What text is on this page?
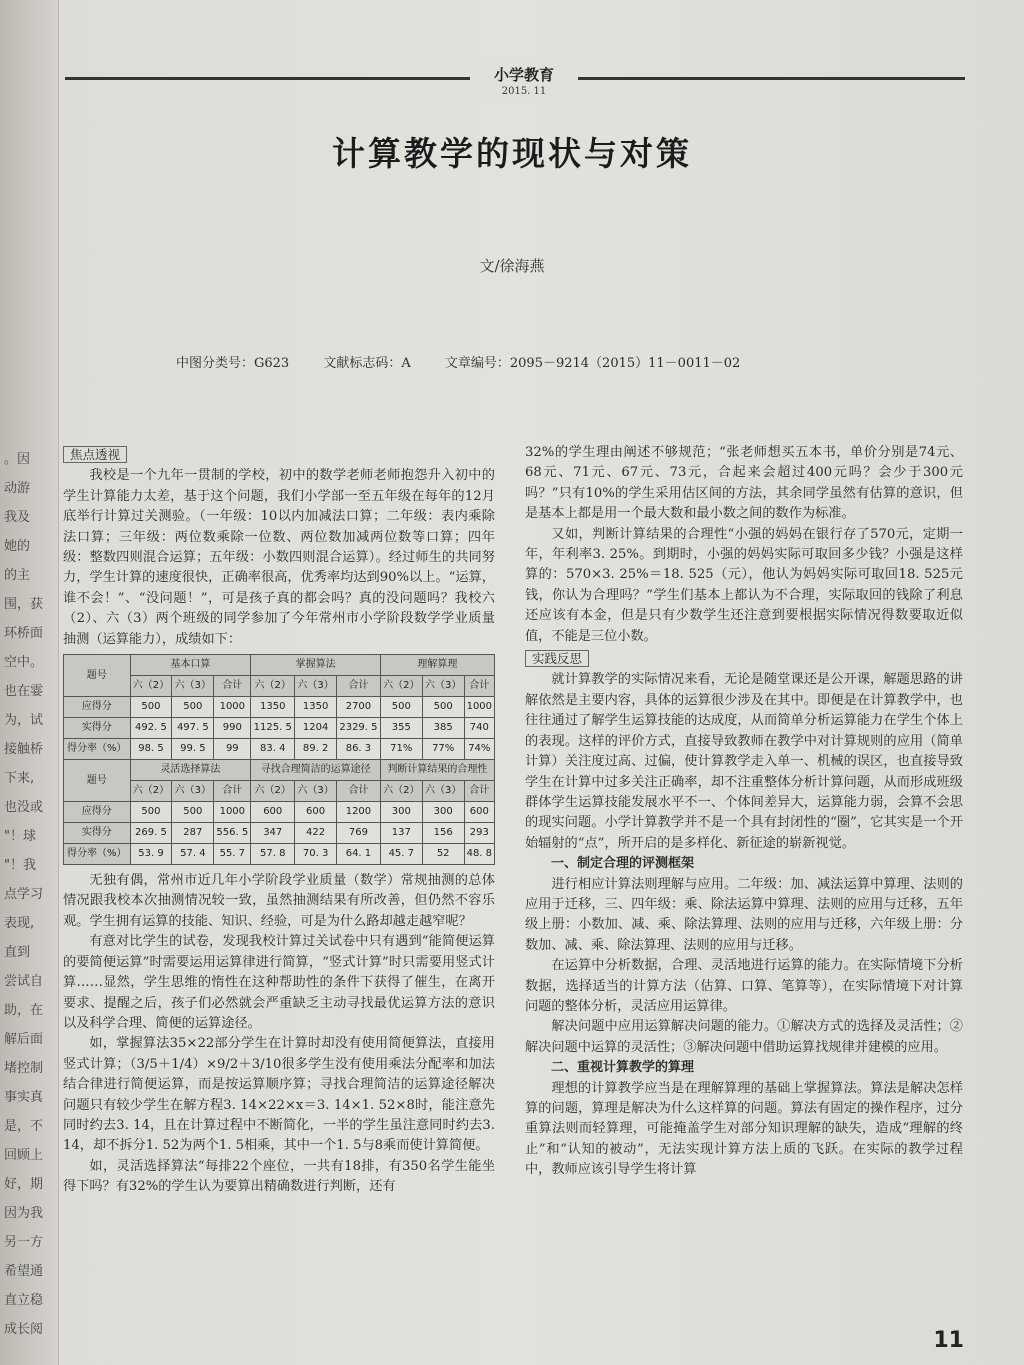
。因
动游
我及
她的
的主
围，获
环桥面
空中。
也在霎
为，试
接触桥
下来,
也没或
"！球
"！我
点学习
表现,
直到
尝试自
助，在
解后面
堵控制
事实真
是，不
回顾上
好，期
因为我
另一方
希望通
直立稳
成长阅
小学教育
2015. 11
计算教学的现状与对策
文/徐海燕
中图分类号：G623	文献标志码：A	文章编号：2095－9214（2015）11－0011－02
焦点透视

我校是一个九年一贯制的学校，初中的数学老师老师抱怨升入初中的学生计算能力太差，基于这个问题，我们小学部一至五年级在每年的12月底举行计算过关测验。（一年级：10以内加减法口算；二年级：表内乘除法口算；三年级：两位数乘除一位数、两位数加减两位数等口算；四年级：整数四则混合运算；五年级：小数四则混合运算）。经过师生的共同努力，学生计算的速度很快，正确率很高，优秀率均达到90%以上。“运算，谁不会！”、“没问题！”，可是孩子真的都会吗？真的没问题吗？我校六（2）、六（3）两个班级的同学参加了今年常州市小学阶段数学学业质量抽测（运算能力），成绩如下：

题号	基本口算			掌握算法			理解算理		
	六（2）	六（3）	合计	六（2）	六（3）	合计	六（2）	六（3）	合计
应得分	500	500	1000	1350	1350	2700	500	500	1000
实得分	492. 5	497. 5	990	1125. 5	1204	2329. 5	355	385	740
得分率（%）	98. 5	99. 5	99	83. 4	89. 2	86. 3	71%	77%	74%
题号	灵活选择算法			寻找合理简洁的运算途径			判断计算结果的合理性		
	六（2）	六（3）	合计	六（2）	六（3）	合计	六（2）	六（3）	合计
应得分	500	500	1000	600	600	1200	300	300	600
实得分	269. 5	287	556. 5	347	422	769	137	156	293
得分率（%）	53. 9	57. 4	55. 7	57. 8	70. 3	64. 1	45. 7	52	48. 8

无独有偶，常州市近几年小学阶段学业质量（数学）常规抽测的总体情况跟我校本次抽测情况较一致，虽然抽测结果有所改善，但仍然不容乐观。学生拥有运算的技能、知识、经验，可是为什么路却越走越窄呢？

有意对比学生的试卷，发现我校计算过关试卷中只有遇到“能简便运算的要简便运算”时需要运用运算律进行简算，“竖式计算”时只需要用竖式计算……显然，学生思维的惰性在这种帮助性的条件下获得了催生，在离开要求、提醒之后，孩子们必然就会严重缺乏主动寻找最优运算方法的意识以及科学合理、简便的运算途径。

如，掌握算法35×22部分学生在计算时却没有使用简便算法，直接用竖式计算；（3/5＋1/4）×9/2＋3/10很多学生没有使用乘法分配率和加法结合律进行简便运算，而是按运算顺序算；寻找合理简洁的运算途径解决问题只有较少学生在解方程3. 14×22×x＝3. 14×1. 52×8时，能注意先同时约去3. 14，且在计算过程中不断简化，一半的学生虽注意同时约去3. 14，却不拆分1. 52为两个1. 5相乘，其中一个1. 5与8乘而使计算简便。

如，灵活选择算法“每排22个座位，一共有18排，有350名学生能坐得下吗？有32%的学生认为要算出精确数进行判断，还有

32%的学生理由阐述不够规范；“张老师想买五本书，单价分别是74元、68元、71元、67元、73元，合起来会超过400元吗？会少于300元吗？”只有10%的学生采用估区间的方法，其余同学虽然有估算的意识，但是基本上都是用一个最大数和最小数之间的数作为标准。

又如，判断计算结果的合理性“小强的妈妈在银行存了570元，定期一年，年利率3. 25%。到期时，小强的妈妈实际可取回多少钱？小强是这样算的：570×3. 25%＝18. 525（元），他认为妈妈实际可取回18. 525元钱，你认为合理吗？”学生们基本上都认为不合理，实际取回的钱除了利息还应该有本金，但是只有少数学生还注意到要根据实际情况得数要取近似值，不能是三位小数。

实践反思

就计算教学的实际情况来看，无论是随堂课还是公开课，解题思路的讲解依然是主要内容，具体的运算很少涉及在其中。即便是在计算教学中，也往往通过了解学生运算技能的达成度，从而简单分析运算能力在学生个体上的表现。这样的评价方式，直接导致教师在教学中对计算规则的应用（简单计算）关注度过高、过偏，使计算教学走入单一、机械的误区，也直接导致学生在计算中过多关注正确率，却不注重整体分析计算问题，从而形成班级群体学生运算技能发展水平不一、个体间差异大，运算能力弱，会算不会思的现实问题。小学计算教学并不是一个具有封闭性的“圈”，它其实是一个开始辐射的“点”，所开启的是多样化、新征途的崭新视觉。

一、制定合理的评测框架

进行相应计算法则理解与应用。二年级：加、减法运算中算理、法则的应用于迁移，三、四年级：乘、除法运算中算理、法则的应用与迁移，五年级上册：小数加、减、乘、除法算理、法则的应用与迁移，六年级上册：分数加、减、乘、除法算理、法则的应用与迁移。

在运算中分析数据，合理、灵活地进行运算的能力。在实际情境下分析数据，选择适当的计算方法（估算、口算、笔算等），在实际情境下对计算问题的整体分析，灵活应用运算律。

解决问题中应用运算解决问题的能力。①解决方式的选择及灵活性；②解决问题中运算的灵活性；③解决问题中借助运算找规律并建模的应用。

二、重视计算教学的算理

理想的计算教学应当是在理解算理的基础上掌握算法。算法是解决怎样算的问题，算理是解决为什么这样算的问题。算法有固定的操作程序，过分重算法则而轻算理，可能掩盖学生对部分知识理解的缺失，造成“理解的终止”和“认知的被动”，无法实现计算方法上质的飞跃。在实际的教学过程中，教师应该引导学生将计算

11
